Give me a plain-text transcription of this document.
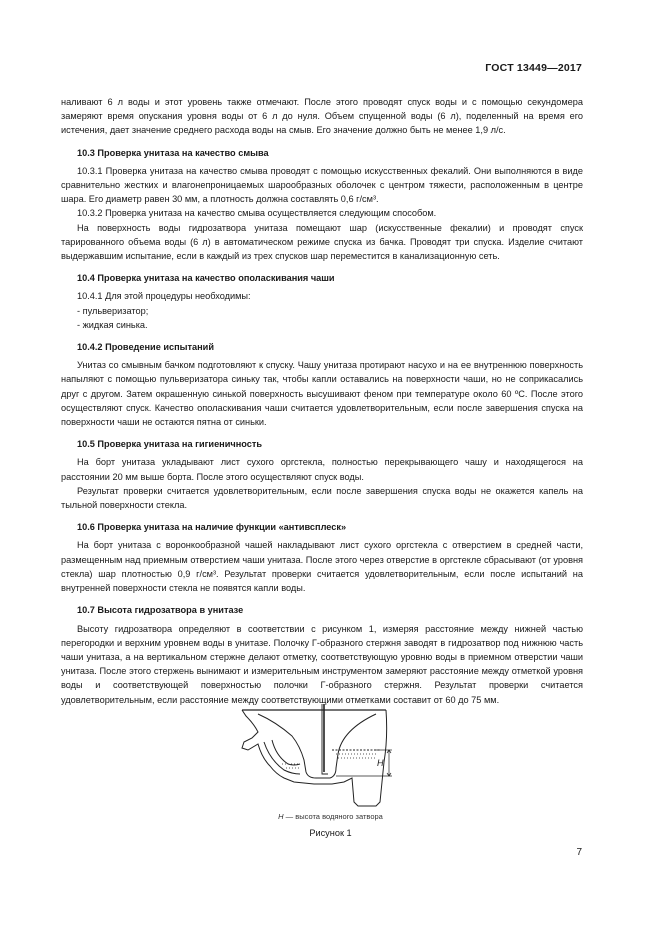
ГОСТ 13449—2017

наливают 6 л воды и этот уровень также отмечают. После этого проводят спуск воды и с помощью секундомера замеряют время опускания уровня воды от 6 л до нуля. Объем спущенной воды (6 л), поделенный на время его истечения, дает значение среднего расхода воды на смыв. Его значение должно быть не менее 1,9 л/с.

10.3 Проверка унитаза на качество смыва

10.3.1 Проверка унитаза на качество смыва проводят с помощью искусственных фекалий. Они выполняются в виде сравнительно жестких и влагонепроницаемых шарообразных оболочек с центром тяжести, расположенным в центре шара. Его диаметр равен 30 мм, а плотность должна составлять 0,6 г/см³.

10.3.2 Проверка унитаза на качество смыва осуществляется следующим способом.

На поверхность воды гидрозатвора унитаза помещают шар (искусственные фекалии) и проводят спуск тарированного объема воды (6 л) в автоматическом режиме спуска из бачка. Проводят три спуска. Изделие считают выдержавшим испытание, если в каждый из трех спусков шар переместится в канализационную сеть.

10.4 Проверка унитаза на качество ополаскивания чаши

10.4.1 Для этой процедуры необходимы:

- пульверизатор;

- жидкая синька.

10.4.2 Проведение испытаний

Унитаз со смывным бачком подготовляют к спуску. Чашу унитаза протирают насухо и на ее внутреннюю поверхность напыляют с помощью пульверизатора синьку так, чтобы капли оставались на поверхности чаши, но не соприкасались друг с другом. Затем окрашенную синькой поверхность высушивают феном при температуре около 60 ºС. После этого осуществляют спуск. Качество ополаскивания чаши считается удовлетворительным, если после завершения спуска на поверхности чаши не остаются пятна от синьки.

10.5 Проверка унитаза на гигиеничность

На борт унитаза укладывают лист сухого оргстекла, полностью перекрывающего чашу и находящегося на расстоянии 20 мм выше борта. После этого осуществляют спуск воды.

Результат проверки считается удовлетворительным, если после завершения спуска воды не окажется капель на тыльной поверхности стекла.

10.6 Проверка унитаза на наличие функции «антивсплеск»

На борт унитаза с воронкообразной чашей накладывают лист сухого оргстекла с отверстием в средней части, размещенным над приемным отверстием чаши унитаза. После этого через отверстие в оргстекле сбрасывают (от уровня стекла) шар плотностью 0,9 г/см³. Результат проверки считается удовлетворительным, если после испытаний на внутренней поверхности стекла не появятся капли воды.

10.7 Высота гидрозатвора в унитазе

Высоту гидрозатвора определяют в соответствии с рисунком 1, измеряя расстояние между нижней частью перегородки и верхним уровнем воды в унитазе. Полочку Г-образного стержня заводят в гидрозатвор под нижнюю часть чаши унитаза, а на вертикальном стержне делают отметку, соответствующую уровню воды в приемном отверстии чаши унитаза. После этого стержень вынимают и измерительным инструментом замеряют расстояние между отметкой уровня воды и соответствующей поверхностью полочки Г-образного стержня. Результат проверки считается удовлетворительным, если расстояние между соответствующими отметками составит от 60 до 75 мм.

H
H — высота водяного затвора
Рисунок 1
7
